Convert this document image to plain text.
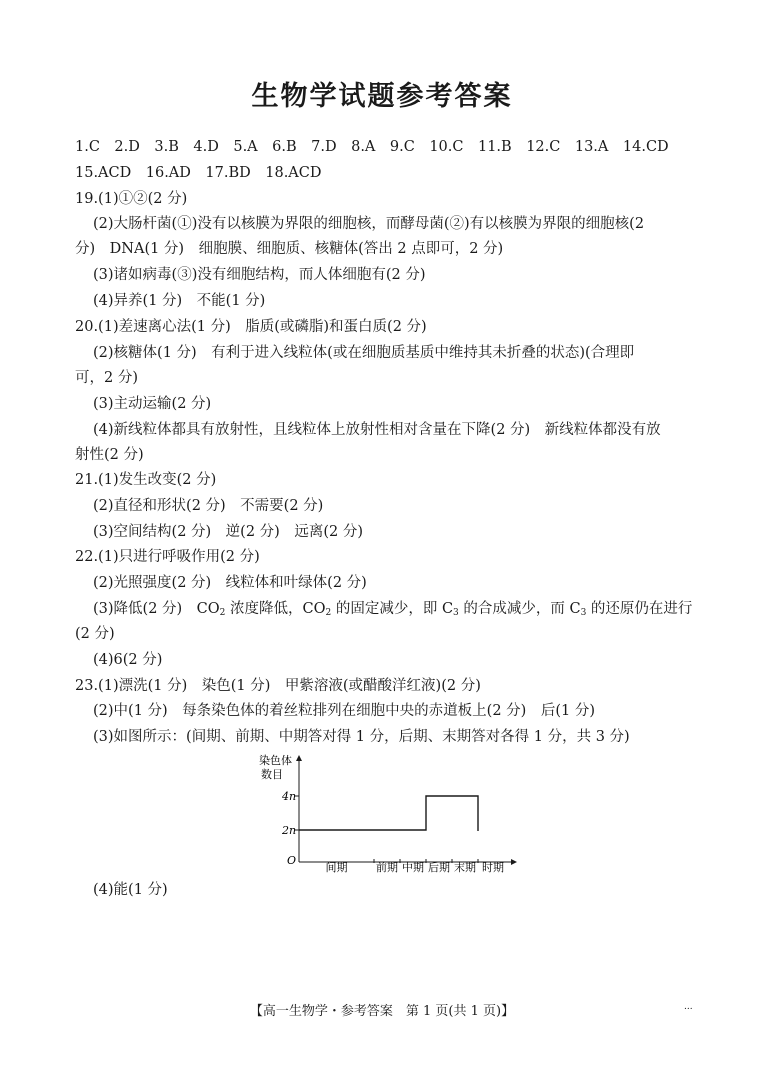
生物学试题参考答案
1.C　2.D　3.B　4.D　5.A　6.B　7.D　8.A　9.C　10.C　11.B　12.C　13.A　14.CD
15.ACD　16.AD　17.BD　18.ACD
19.(1)①②(2 分)
(2)大肠杆菌(①)没有以核膜为界限的细胞核，而酵母菌(②)有以核膜为界限的细胞核(2
分)　DNA(1 分)　细胞膜、细胞质、核糖体(答出 2 点即可，2 分)
(3)诸如病毒(③)没有细胞结构，而人体细胞有(2 分)
(4)异养(1 分)　不能(1 分)
20.(1)差速离心法(1 分)　脂质(或磷脂)和蛋白质(2 分)
(2)核糖体(1 分)　有利于进入线粒体(或在细胞质基质中维持其未折叠的状态)(合理即
可，2 分)
(3)主动运输(2 分)
(4)新线粒体都具有放射性，且线粒体上放射性相对含量在下降(2 分)　新线粒体都没有放
射性(2 分)
21.(1)发生改变(2 分)
(2)直径和形状(2 分)　不需要(2 分)
(3)空间结构(2 分)　逆(2 分)　远离(2 分)
22.(1)只进行呼吸作用(2 分)
(2)光照强度(2 分)　线粒体和叶绿体(2 分)
(3)降低(2 分)　$CO_2$ 浓度降低，$CO_2$ 的固定减少，即 $C_3$ 的合成减少，而 $C_3$ 的还原仍在进行
(2 分)
(4)6(2 分)
23.(1)漂洗(1 分)　染色(1 分)　甲紫溶液(或醋酸洋红液)(2 分)
(2)中(1 分)　每条染色体的着丝粒排列在细胞中央的赤道板上(2 分)　后(1 分)
(3)如图所示：(间期、前期、中期答对得 1 分，后期、末期答对各得 1 分，共 3 分)
染色体
数目
O
时期
2n
4n
间期	前期 中期 后期 末期
(4)能(1 分)
【高一生物学・参考答案　第 1 页(共 1 页)】	...
